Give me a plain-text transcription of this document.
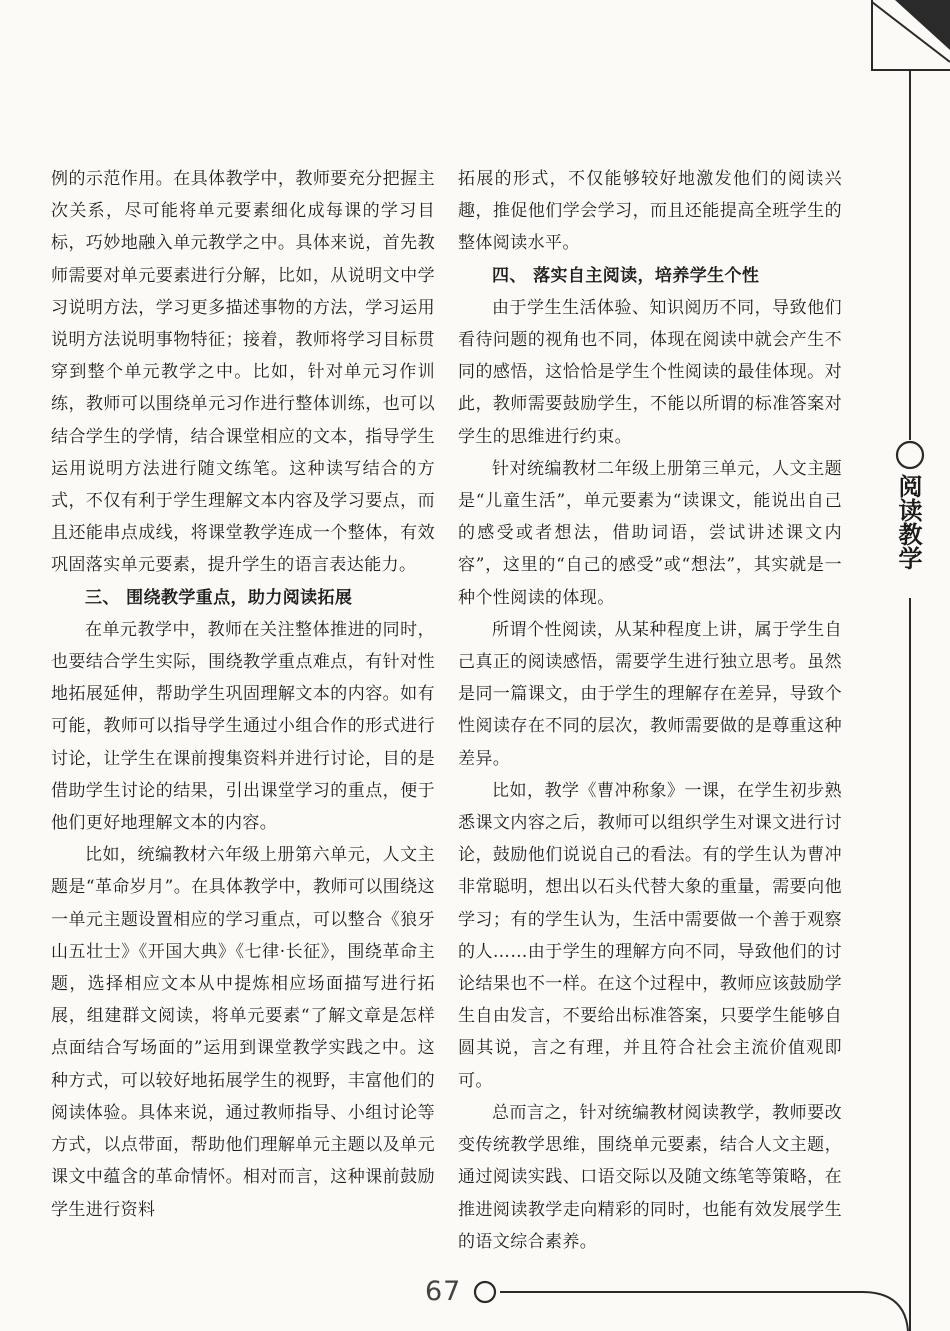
阅读教学

例的示范作用。在具体教学中，教师要充分把握主次关系，尽可能将单元要素细化成每课的学习目标，巧妙地融入单元教学之中。具体来说，首先教师需要对单元要素进行分解，比如，从说明文中学习说明方法，学习更多描述事物的方法，学习运用说明方法说明事物特征；接着，教师将学习目标贯穿到整个单元教学之中。比如，针对单元习作训练，教师可以围绕单元习作进行整体训练，也可以结合学生的学情，结合课堂相应的文本，指导学生运用说明方法进行随文练笔。这种读写结合的方式，不仅有利于学生理解文本内容及学习要点，而且还能串点成线，将课堂教学连成一个整体，有效巩固落实单元要素，提升学生的语言表达能力。

三、 围绕教学重点，助力阅读拓展

在单元教学中，教师在关注整体推进的同时，也要结合学生实际，围绕教学重点难点，有针对性地拓展延伸，帮助学生巩固理解文本的内容。如有可能，教师可以指导学生通过小组合作的形式进行讨论，让学生在课前搜集资料并进行讨论，目的是借助学生讨论的结果，引出课堂学习的重点，便于他们更好地理解文本的内容。

比如，统编教材六年级上册第六单元，人文主题是“革命岁月”。在具体教学中，教师可以围绕这一单元主题设置相应的学习重点，可以整合《狼牙山五壮士》《开国大典》《七律·长征》，围绕革命主题，选择相应文本从中提炼相应场面描写进行拓展，组建群文阅读，将单元要素“了解文章是怎样点面结合写场面的”运用到课堂教学实践之中。这种方式，可以较好地拓展学生的视野，丰富他们的阅读体验。具体来说，通过教师指导、小组讨论等方式，以点带面，帮助他们理解单元主题以及单元课文中蕴含的革命情怀。相对而言，这种课前鼓励学生进行资料

拓展的形式，不仅能够较好地激发他们的阅读兴趣，推促他们学会学习，而且还能提高全班学生的整体阅读水平。

四、 落实自主阅读，培养学生个性

由于学生生活体验、知识阅历不同，导致他们看待问题的视角也不同，体现在阅读中就会产生不同的感悟，这恰恰是学生个性阅读的最佳体现。对此，教师需要鼓励学生，不能以所谓的标准答案对学生的思维进行约束。

针对统编教材二年级上册第三单元，人文主题是“儿童生活”，单元要素为“读课文，能说出自己的感受或者想法，借助词语，尝试讲述课文内容”，这里的“自己的感受”或“想法”，其实就是一种个性阅读的体现。

所谓个性阅读，从某种程度上讲，属于学生自己真正的阅读感悟，需要学生进行独立思考。虽然是同一篇课文，由于学生的理解存在差异，导致个性阅读存在不同的层次，教师需要做的是尊重这种差异。

比如，教学《曹冲称象》一课，在学生初步熟悉课文内容之后，教师可以组织学生对课文进行讨论，鼓励他们说说自己的看法。有的学生认为曹冲非常聪明，想出以石头代替大象的重量，需要向他学习；有的学生认为，生活中需要做一个善于观察的人……由于学生的理解方向不同，导致他们的讨论结果也不一样。在这个过程中，教师应该鼓励学生自由发言，不要给出标准答案，只要学生能够自圆其说，言之有理，并且符合社会主流价值观即可。

总而言之，针对统编教材阅读教学，教师要改变传统教学思维，围绕单元要素，结合人文主题，通过阅读实践、口语交际以及随文练笔等策略，在推进阅读教学走向精彩的同时，也能有效发展学生的语文综合素养。

67
